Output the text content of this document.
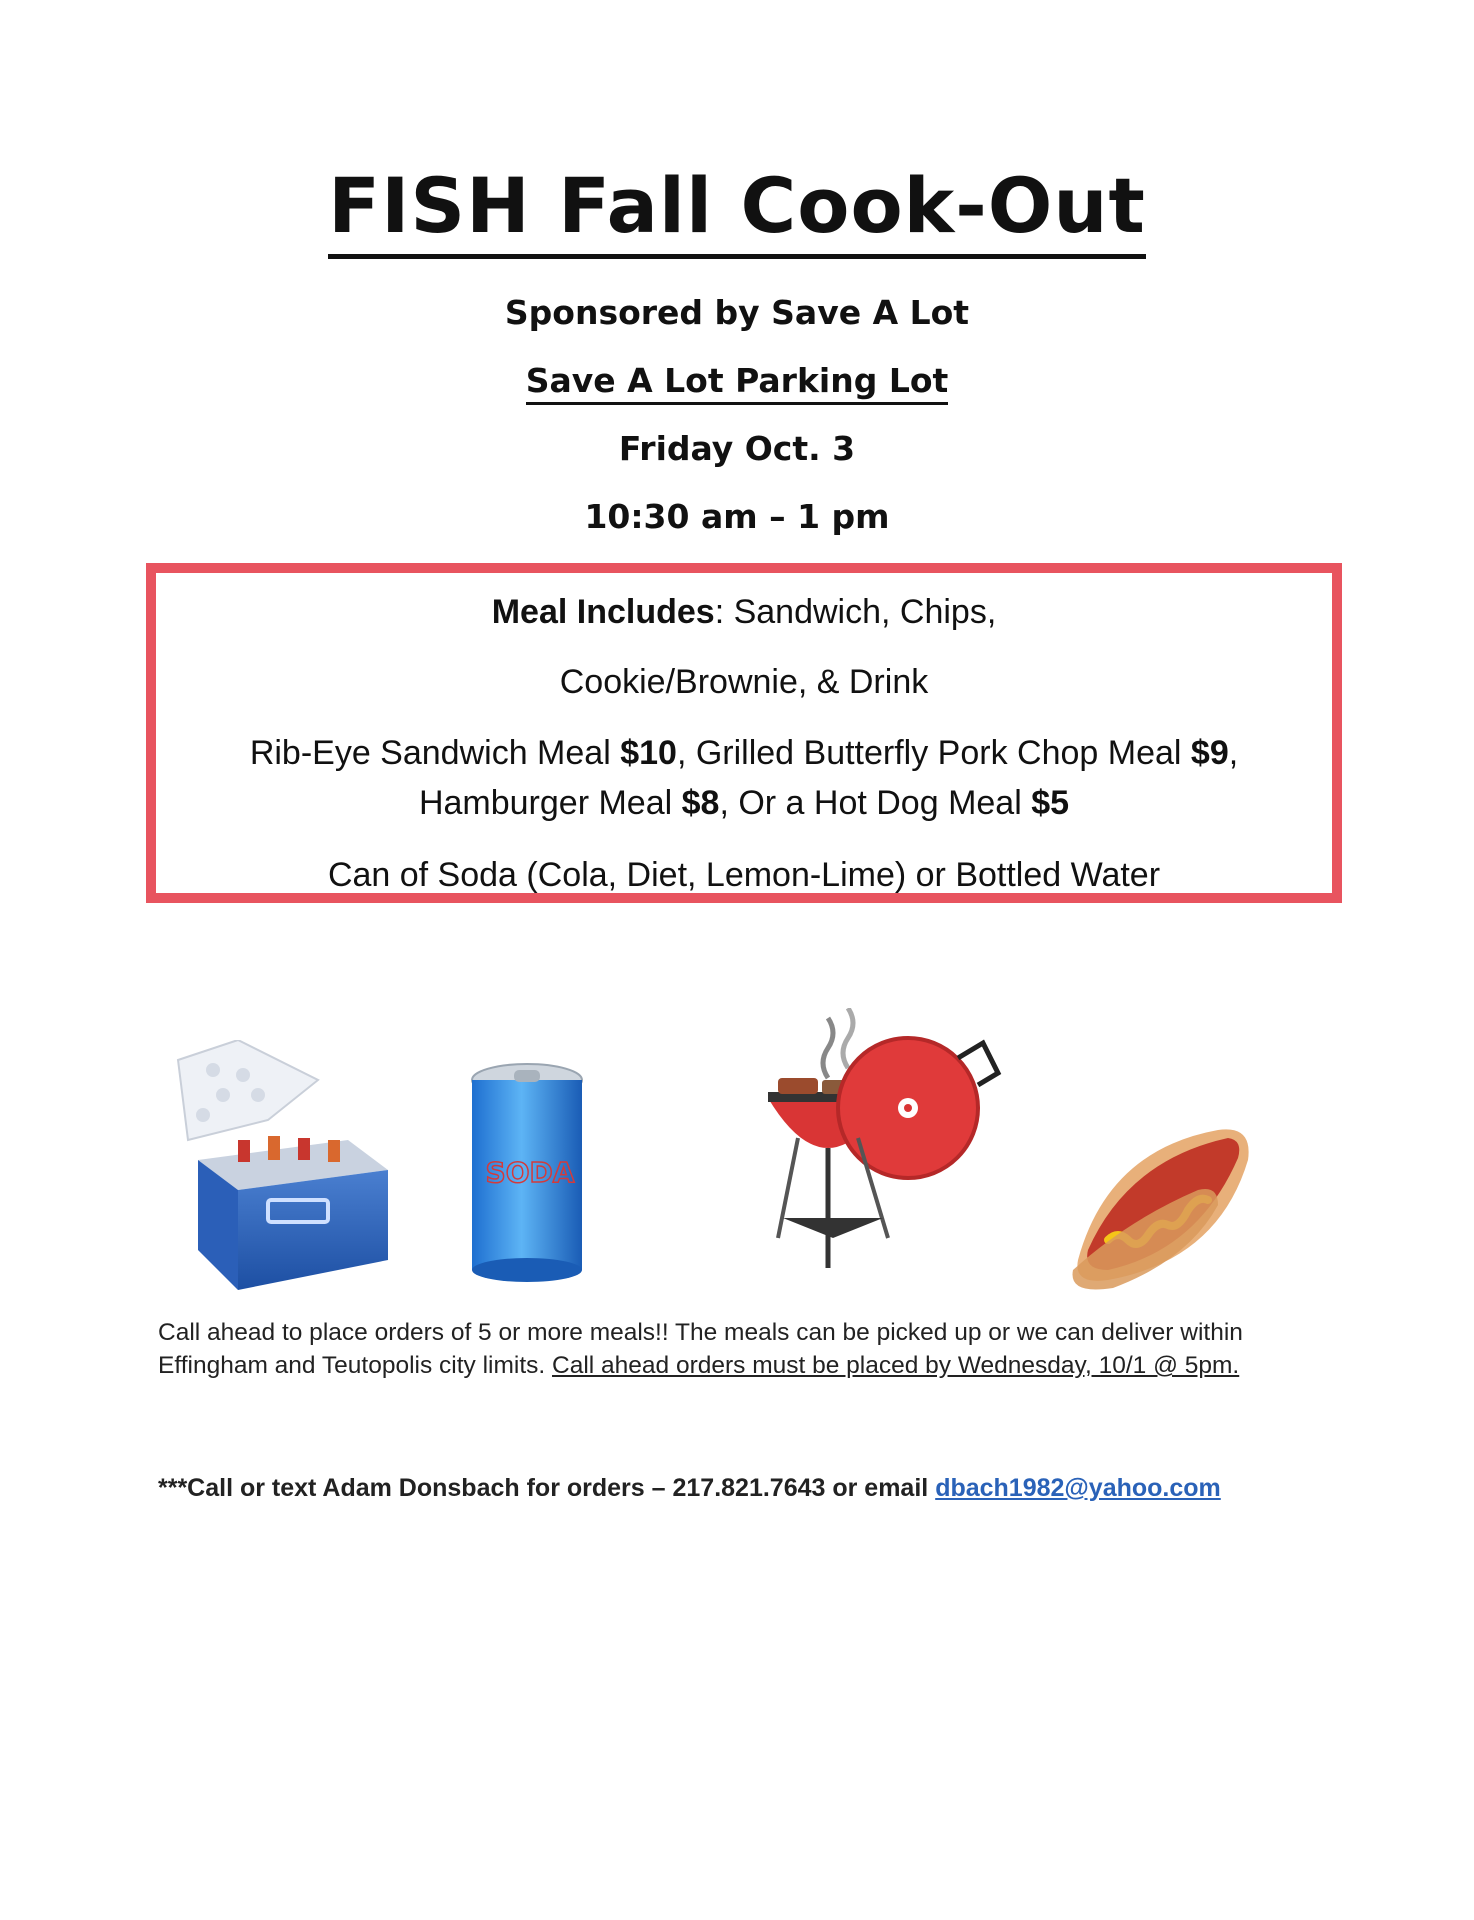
FISH Fall Cook-Out
Sponsored by Save A Lot
Save A Lot Parking Lot
Friday Oct. 3
10:30 am – 1 pm
Meal Includes: Sandwich, Chips,
Cookie/Brownie, & Drink
Rib-Eye Sandwich Meal $10, Grilled Butterfly Pork Chop Meal $9,
Hamburger Meal $8, Or a Hot Dog Meal $5
Can of Soda (Cola, Diet, Lemon-Lime) or Bottled Water
SODA
Call ahead to place orders of 5 or more meals!! The meals can be picked up or we can deliver within Effingham and Teutopolis city limits. Call ahead orders must be placed by Wednesday, 10/1 @ 5pm.
***Call or text Adam Donsbach for orders – 217.821.7643 or email dbach1982@yahoo.com
